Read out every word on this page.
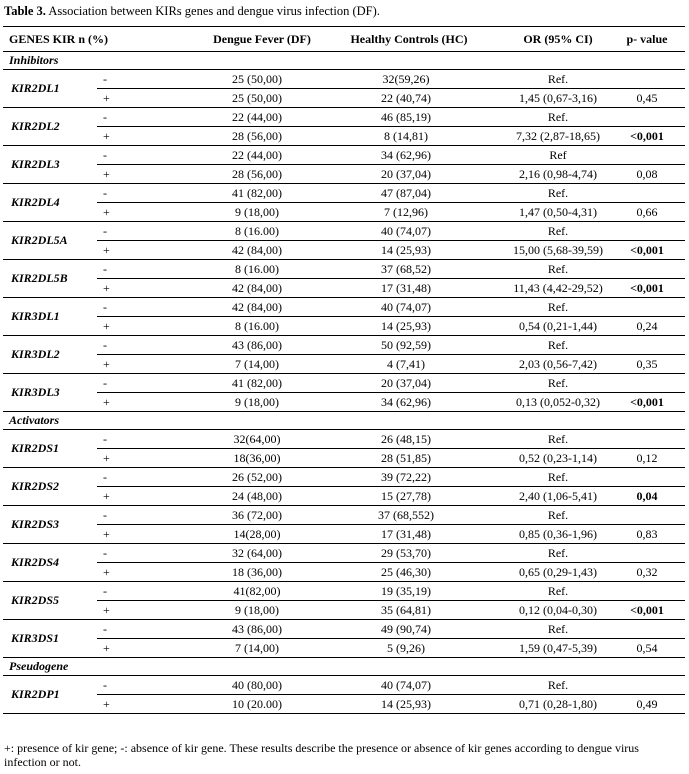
Table 3. Association between KIRs genes and dengue virus infection (DF).
GENES KIR n (%)	Dengue Fever (DF)	Healthy Controls (HC)	OR (95% CI)	p- value
Inhibitors
KIR2DL1
-	25 (50,00)	32(59,26)	Ref.
+	25 (50,00)	22 (40,74)	1,45 (0,67-3,16)	0,45
KIR2DL2
-	22 (44,00)	46 (85,19)	Ref.
+	28 (56,00)	8 (14,81)	7,32 (2,87-18,65)	<0,001
KIR2DL3
-	22 (44,00)	34 (62,96)	Ref
+	28 (56,00)	20 (37,04)	2,16 (0,98-4,74)	0,08
KIR2DL4
-	41 (82,00)	47 (87,04)	Ref.
+	9 (18,00)	7 (12,96)	1,47 (0,50-4,31)	0,66
KIR2DL5A
-	8 (16.00)	40 (74,07)	Ref.
+	42 (84,00)	14 (25,93)	15,00 (5,68-39,59)	<0,001
KIR2DL5B
-	8 (16.00)	37 (68,52)	Ref.
+	42 (84,00)	17 (31,48)	11,43 (4,42-29,52)	<0,001
KIR3DL1
-	42 (84,00)	40 (74,07)	Ref.
+	8 (16.00)	14 (25,93)	0,54 (0,21-1,44)	0,24
KIR3DL2
-	43 (86,00)	50 (92,59)	Ref.
+	7 (14,00)	4 (7,41)	2,03 (0,56-7,42)	0,35
KIR3DL3
-	41 (82,00)	20 (37,04)	Ref.
+	9 (18,00)	34 (62,96)	0,13 (0,052-0,32)	<0,001
Activators
KIR2DS1
-	32(64,00)	26 (48,15)	Ref.
+	18(36,00)	28 (51,85)	0,52 (0,23-1,14)	0,12
KIR2DS2
-	26 (52,00)	39 (72,22)	Ref.
+	24 (48,00)	15 (27,78)	2,40 (1,06-5,41)	0,04
KIR2DS3
-	36 (72,00)	37 (68,552)	Ref.
+	14(28,00)	17 (31,48)	0,85 (0,36-1,96)	0,83
KIR2DS4
-	32 (64,00)	29 (53,70)	Ref.
+	18 (36,00)	25 (46,30)	0,65 (0,29-1,43)	0,32
KIR2DS5
-	41(82,00)	19 (35,19)	Ref.
+	9 (18,00)	35 (64,81)	0,12 (0,04-0,30)	<0,001
KIR3DS1
-	43 (86,00)	49 (90,74)	Ref.
+	7 (14,00)	5 (9,26)	1,59 (0,47-5,39)	0,54
Pseudogene
KIR2DP1
-	40 (80,00)	40 (74,07)	Ref.
+	10 (20.00)	14 (25,93)	0,71 (0,28-1,80)	0,49
+: presence of kir gene; -: absence of kir gene. These results describe the presence or absence of kir genes according to dengue virus infection or not.
